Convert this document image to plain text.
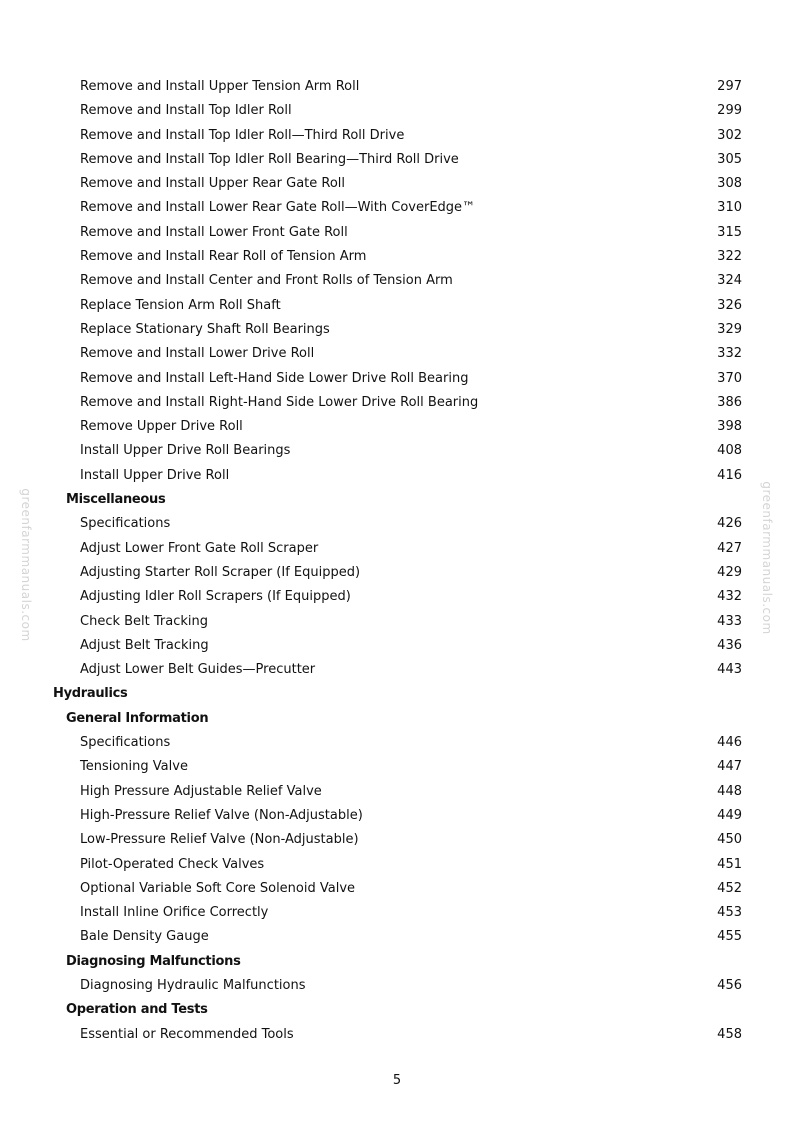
greenfarmmanuals.com	greenfarmmanuals.com
Remove and Install Upper Tension Arm Roll	297
Remove and Install Top Idler Roll	299
Remove and Install Top Idler Roll—Third Roll Drive	302
Remove and Install Top Idler Roll Bearing—Third Roll Drive	305
Remove and Install Upper Rear Gate Roll	308
Remove and Install Lower Rear Gate Roll—With CoverEdge™	310
Remove and Install Lower Front Gate Roll	315
Remove and Install Rear Roll of Tension Arm	322
Remove and Install Center and Front Rolls of Tension Arm	324
Replace Tension Arm Roll Shaft	326
Replace Stationary Shaft Roll Bearings	329
Remove and Install Lower Drive Roll	332
Remove and Install Left-Hand Side Lower Drive Roll Bearing	370
Remove and Install Right-Hand Side Lower Drive Roll Bearing	386
Remove Upper Drive Roll	398
Install Upper Drive Roll Bearings	408
Install Upper Drive Roll	416
Miscellaneous
Specifications	426
Adjust Lower Front Gate Roll Scraper	427
Adjusting Starter Roll Scraper (If Equipped)	429
Adjusting Idler Roll Scrapers (If Equipped)	432
Check Belt Tracking	433
Adjust Belt Tracking	436
Adjust Lower Belt Guides—Precutter	443
Hydraulics
General Information
Specifications	446
Tensioning Valve	447
High Pressure Adjustable Relief Valve	448
High-Pressure Relief Valve (Non-Adjustable)	449
Low-Pressure Relief Valve (Non-Adjustable)	450
Pilot-Operated Check Valves	451
Optional Variable Soft Core Solenoid Valve	452
Install Inline Orifice Correctly	453
Bale Density Gauge	455
Diagnosing Malfunctions
Diagnosing Hydraulic Malfunctions	456
Operation and Tests
Essential or Recommended Tools	458
5
